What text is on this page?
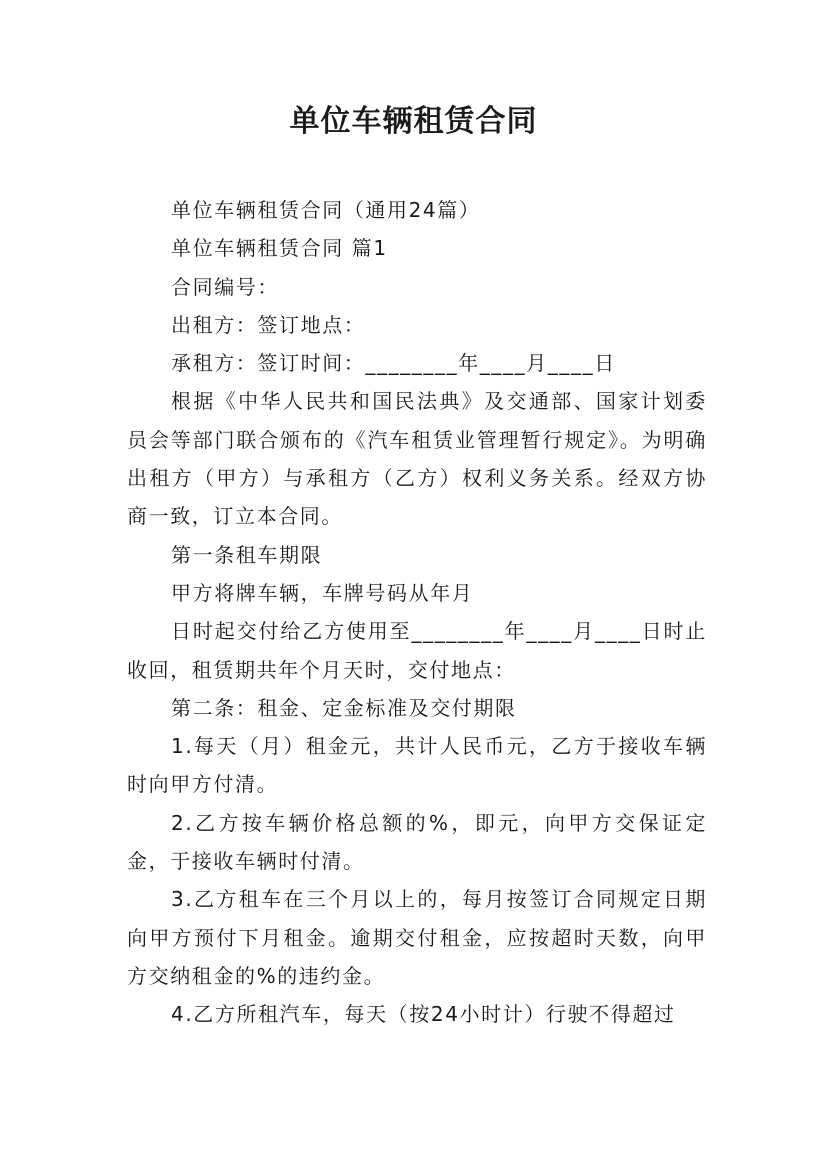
单位车辆租赁合同

单位车辆租赁合同（通用24篇）

单位车辆租赁合同 篇1

合同编号：

出租方：签订地点：

承租方：签订时间：________年____月____日

根据《中华人民共和国民法典》及交通部、国家计划委员会等部门联合颁布的《汽车租赁业管理暂行规定》。为明确出租方（甲方）与承租方（乙方）权利义务关系。经双方协商一致，订立本合同。

第一条租车期限

甲方将牌车辆，车牌号码从年月

日时起交付给乙方使用至________年____月____日时止收回，租赁期共年个月天时，交付地点：

第二条：租金、定金标准及交付期限

1.每天（月）租金元，共计人民币元，乙方于接收车辆时向甲方付清。

2.乙方按车辆价格总额的%，即元，向甲方交保证定金，于接收车辆时付清。

3.乙方租车在三个月以上的，每月按签订合同规定日期向甲方预付下月租金。逾期交付租金，应按超时天数，向甲方交纳租金的%的违约金。

4.乙方所租汽车，每天（按24小时计）行驶不得超过
